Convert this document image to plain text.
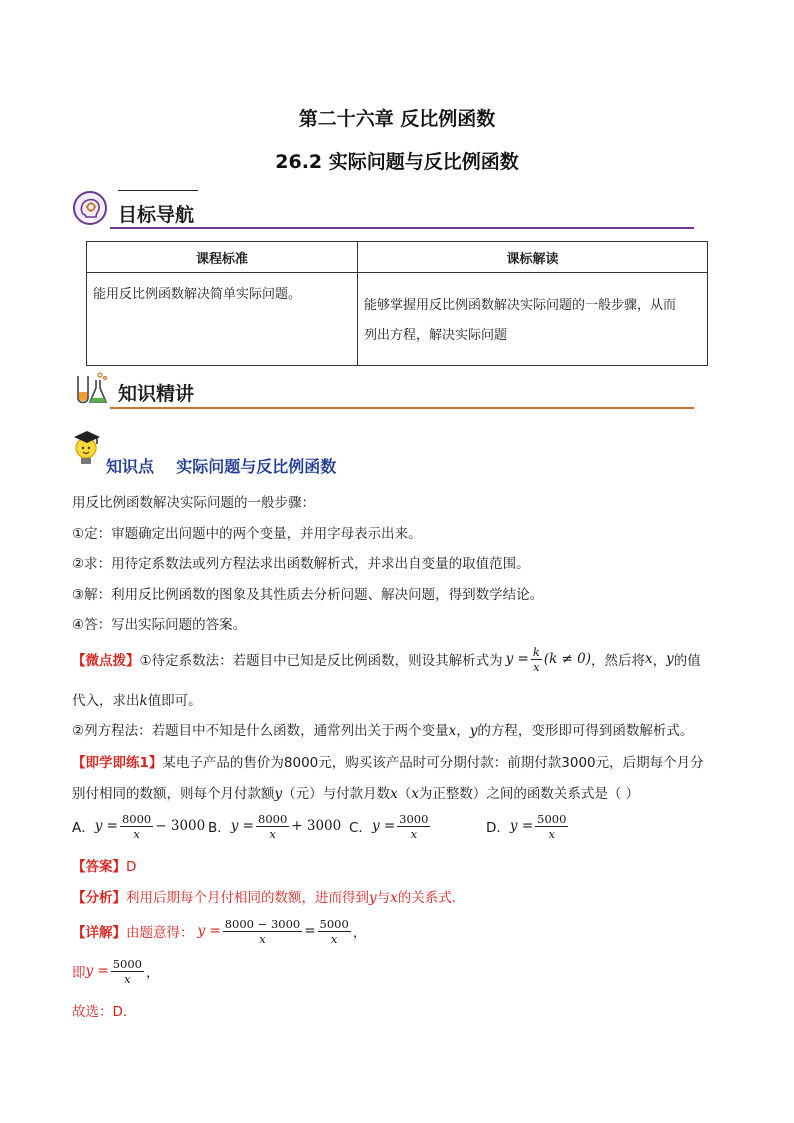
第二十六章 反比例函数
26.2 实际问题与反比例函数
目标导航
课程标准	课标解读
能用反比例函数解决简单实际问题。	能够掌握用反比例函数解决实际问题的一般步骤，从而
列出方程，解决实际问题
知识精讲
知识点    实际问题与反比例函数
用反比例函数解决实际问题的一般步骤：
①定：审题确定出问题中的两个变量，并用字母表示出来。
②求：用待定系数法或列方程法求出函数解析式，并求出自变量的取值范围。
③解：利用反比例函数的图象及其性质去分析问题、解决问题，得到数学结论。
④答：写出实际问题的答案。
【微点拨】 ①待定系数法：若题目中已知是反比例函数，则设其解析式为 $y = \frac{k}{x} (k \ne 0)$ ，然后将 x ， y 的值
代入，求出k值即可。
②列方程法：若题目中不知是什么函数，通常列出关于两个变量x，y的方程，变形即可得到函数解析式。
【即学即练1】某电子产品的售价为8000元，购买该产品时可分期付款：前期付款3000元，后期每个月分
别付相同的数额，则每个月付款额y（元）与付款月数x（x为正整数）之间的函数关系式是（ ）
A． $y = \frac{8000}{x} - 3000$ B． $y = \frac{8000}{x} + 3000$ C． $y = \frac{3000}{x}$	D． $y = \frac{5000}{x}$
【答案】D
【分析】利用后期每个月付相同的数额，进而得到y与x的关系式．
【详解】 由题意得： $y = \frac{8000 - 3000}{x} = \frac{5000}{x}$ ，
即 $y = \frac{5000}{x}$ ，
故选：D．
